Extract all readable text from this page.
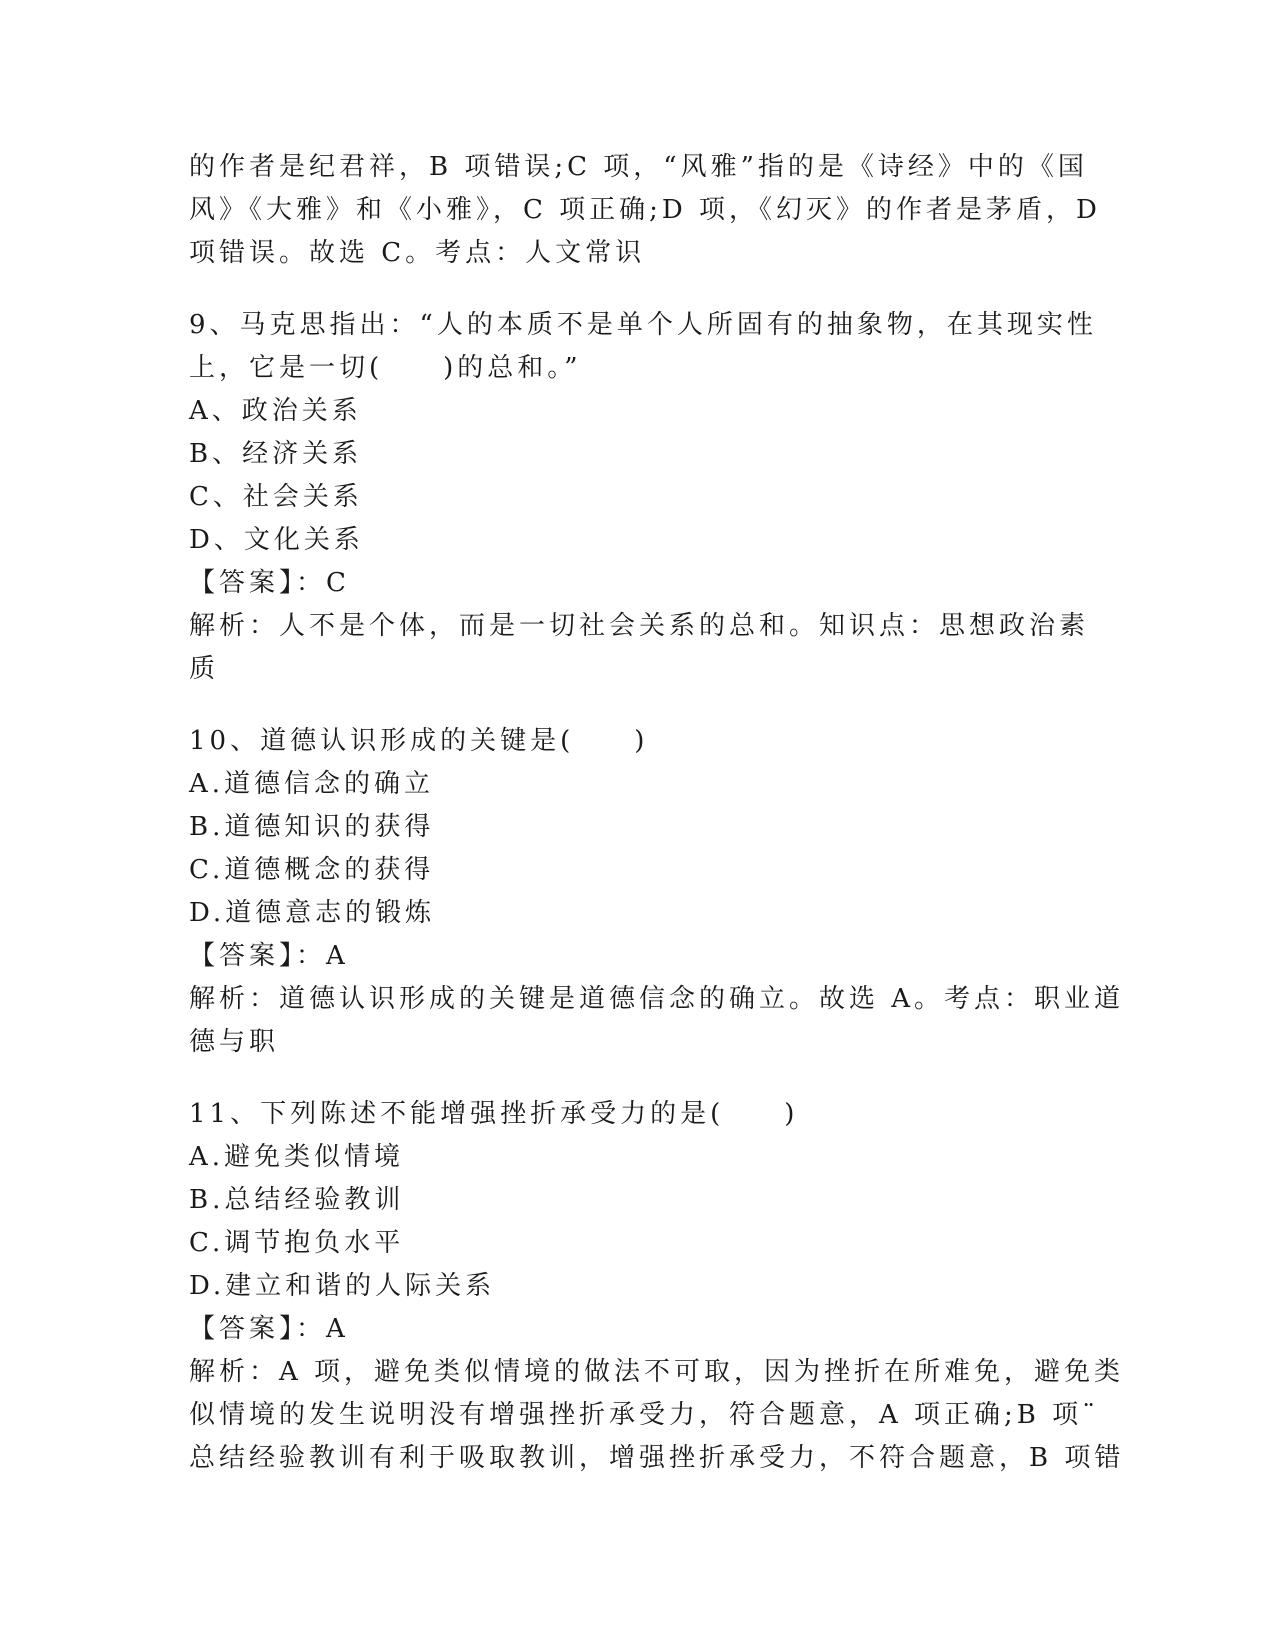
的作者是纪君祥，B 项错误;C 项，“风雅”指的是《诗经》中的《国
风》《大雅》和《小雅》，C 项正确;D 项，《幻灭》的作者是茅盾，D
项错误。故选 C。考点：人文常识
9、马克思指出：“人的本质不是单个人所固有的抽象物，在其现实性
上，它是一切(　　)的总和。”
A、政治关系
B、经济关系
C、社会关系
D、文化关系
【答案】：C
解析：人不是个体，而是一切社会关系的总和。知识点：思想政治素
质
10、道德认识形成的关键是(　　)
A.道德信念的确立
B.道德知识的获得
C.道德概念的获得
D.道德意志的锻炼
【答案】：A
解析：道德认识形成的关键是道德信念的确立。故选 A。考点：职业道
德与职
11、下列陈述不能增强挫折承受力的是(　　)
A.避免类似情境
B.总结经验教训
C.调节抱负水平
D.建立和谐的人际关系
【答案】：A
解析：A 项，避免类似情境的做法不可取，因为挫折在所难免，避免类
似情境的发生说明没有增强挫折承受力，符合题意，A 项正确;B 项¨
总结经验教训有利于吸取教训，增强挫折承受力，不符合题意，B 项错
